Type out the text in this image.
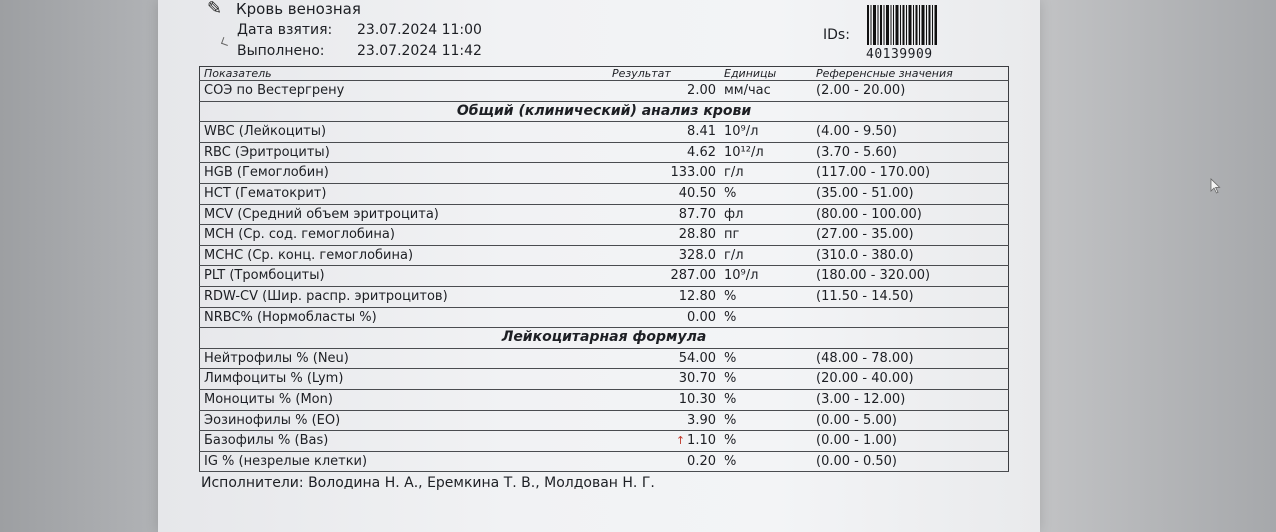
✎ Кровь венозная
Дата взятия: 23.07.2024 11:00
Выполнено: 23.07.2024 11:42
IDs:
40139909
Показатель	Результат	Единицы	Референсные значения
СОЭ по Вестергрену	2.00	мм/час	(2.00 - 20.00)
Общий (клинический) анализ крови			
WBC (Лейкоциты)	8.41	10⁹/л	(4.00 - 9.50)
RBC (Эритроциты)	4.62	10¹²/л	(3.70 - 5.60)
HGB (Гемоглобин)	133.00	г/л	(117.00 - 170.00)
HCT (Гематокрит)	40.50	%	(35.00 - 51.00)
MCV (Средний объем эритроцита)	87.70	фл	(80.00 - 100.00)
MCH (Ср. сод. гемоглобина)	28.80	пг	(27.00 - 35.00)
MCHC (Ср. конц. гемоглобина)	328.0	г/л	(310.0 - 380.0)
PLT (Тромбоциты)	287.00	10⁹/л	(180.00 - 320.00)
RDW-CV (Шир. распр. эритроцитов)	12.80	%	(11.50 - 14.50)
NRBC% (Нормобласты %)	0.00	%	
Лейкоцитарная формула			
Нейтрофилы % (Neu)	54.00	%	(48.00 - 78.00)
Лимфоциты % (Lym)	30.70	%	(20.00 - 40.00)
Моноциты % (Mon)	10.30	%	(3.00 - 12.00)
Эозинофилы % (EO)	3.90	%	(0.00 - 5.00)
Базофилы % (Bas)	↑ 1.10	%	(0.00 - 1.00)
IG % (незрелые клетки)	0.20	%	(0.00 - 0.50)
Исполнители: Володина Н. А., Еремкина Т. В., Молдован Н. Г.
